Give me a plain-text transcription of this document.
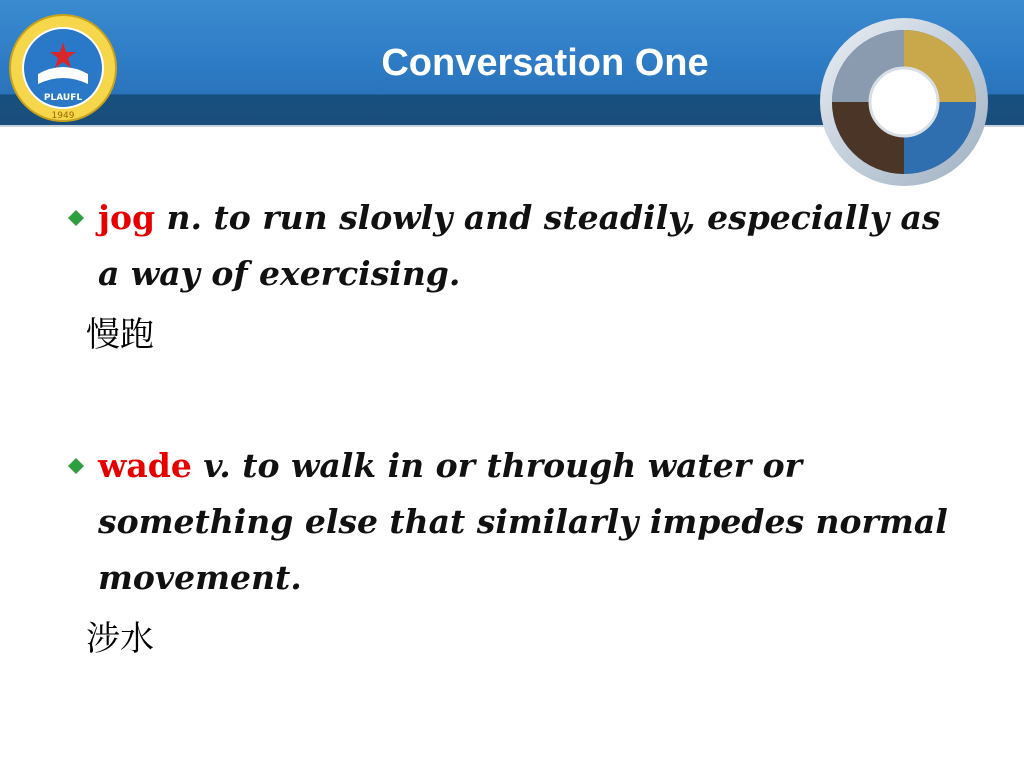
PLAUFL
1949
Conversation One
jog n. to run slowly and steadily, especially as a way of exercising.
慢跑
wade v. to walk in or through water or something else that similarly impedes normal movement.
涉水
